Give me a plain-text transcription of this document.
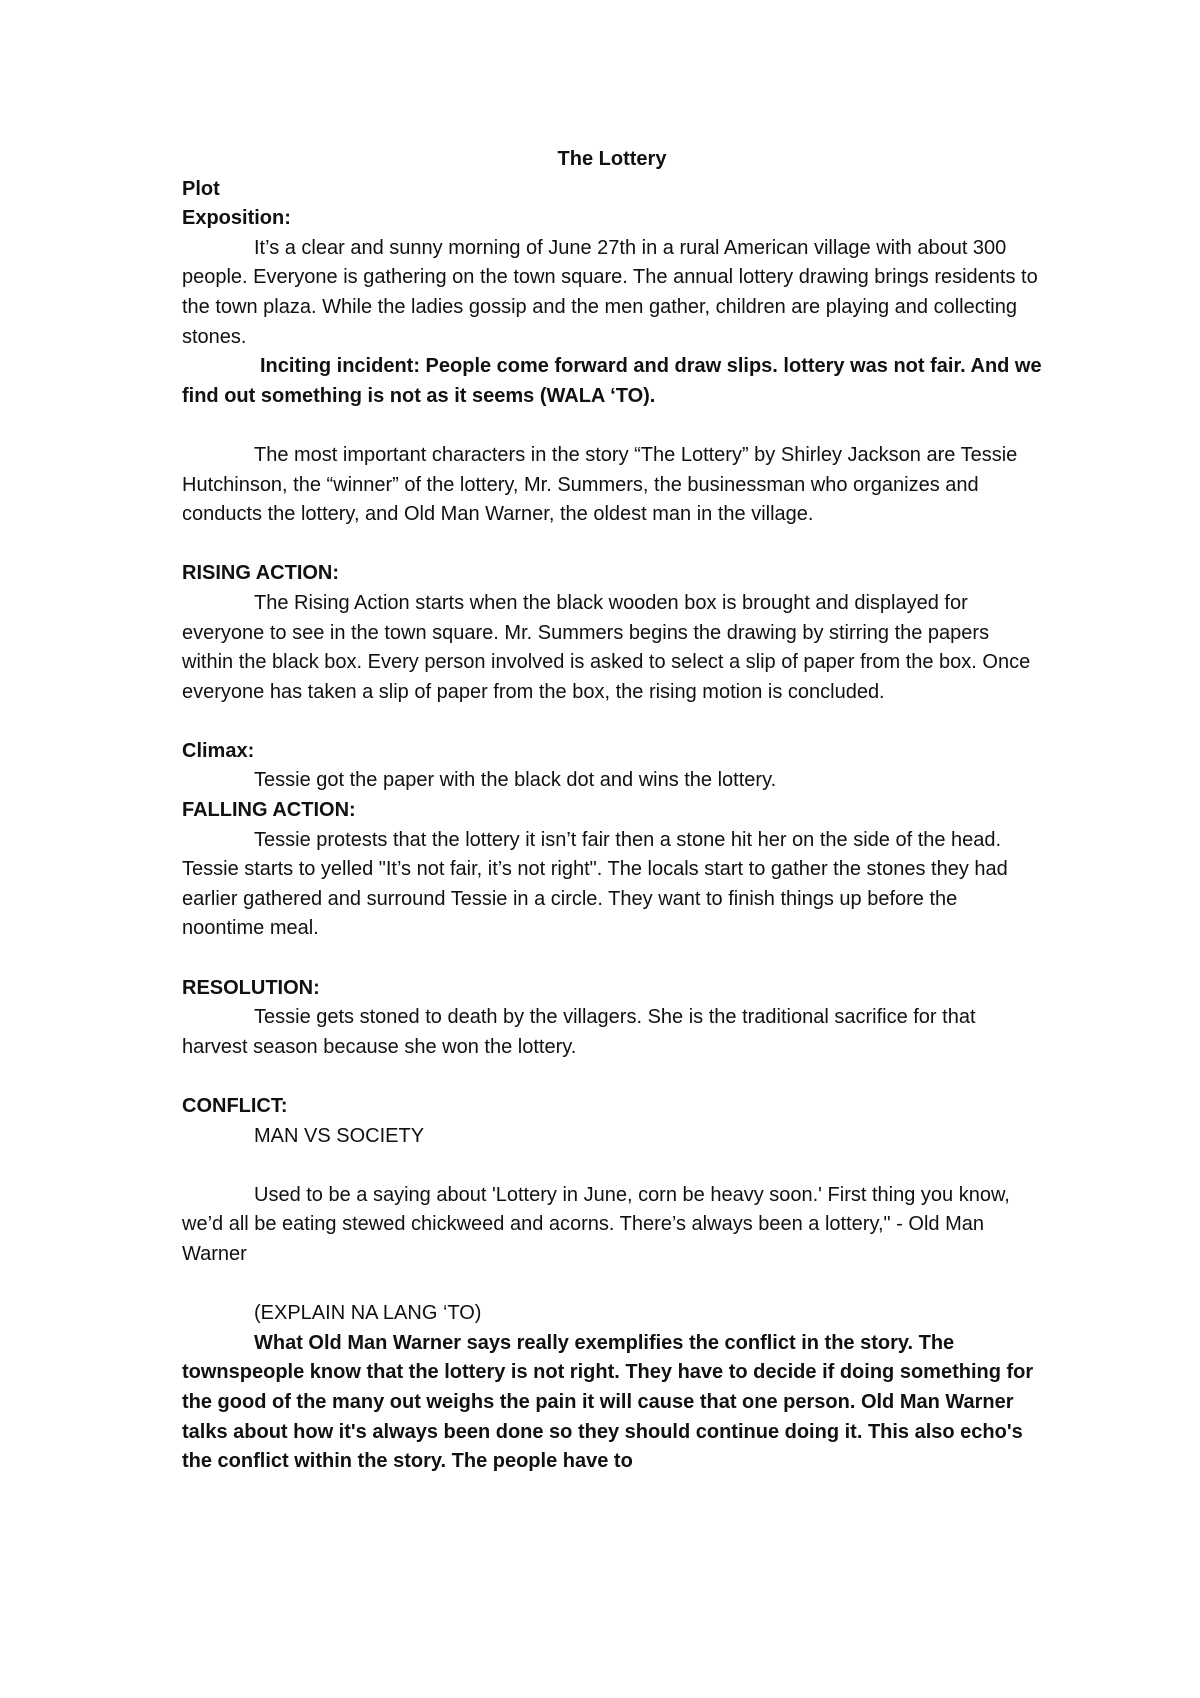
The Lottery

Plot

Exposition:

It’s a clear and sunny morning of June 27th in a rural American village with about 300 people. Everyone is gathering on the town square. The annual lottery drawing brings residents to the town plaza. While the ladies gossip and the men gather, children are playing and collecting stones.

Inciting incident: People come forward and draw slips. lottery was not fair. And we find out something is not as it seems (WALA ‘TO).

The most important characters in the story “The Lottery” by Shirley Jackson are Tessie Hutchinson, the “winner” of the lottery, Mr. Summers, the businessman who organizes and conducts the lottery, and Old Man Warner, the oldest man in the village.

RISING ACTION:

The Rising Action starts when the black wooden box is brought and displayed for everyone to see in the town square. Mr. Summers begins the drawing by stirring the papers within the black box. Every person involved is asked to select a slip of paper from the box. Once everyone has taken a slip of paper from the box, the rising motion is concluded.

Climax:

Tessie got the paper with the black dot and wins the lottery.

FALLING ACTION:

Tessie protests that the lottery it isn’t fair then a stone hit her on the side of the head. Tessie starts to yelled "It’s not fair, it’s not right". The locals start to gather the stones they had earlier gathered and surround Tessie in a circle. They want to finish things up before the noontime meal.

RESOLUTION:

Tessie gets stoned to death by the villagers. She is the traditional sacrifice for that harvest season because she won the lottery.

CONFLICT:

MAN VS SOCIETY

Used to be a saying about 'Lottery in June, corn be heavy soon.' First thing you know, we’d all be eating stewed chickweed and acorns. There’s always been a lottery," - Old Man Warner

(EXPLAIN NA LANG ‘TO)

What Old Man Warner says really exemplifies the conflict in the story. The townspeople know that the lottery is not right. They have to decide if doing something for the good of the many out weighs the pain it will cause that one person. Old Man Warner talks about how it's always been done so they should continue doing it. This also echo's the conflict within the story. The people have to
